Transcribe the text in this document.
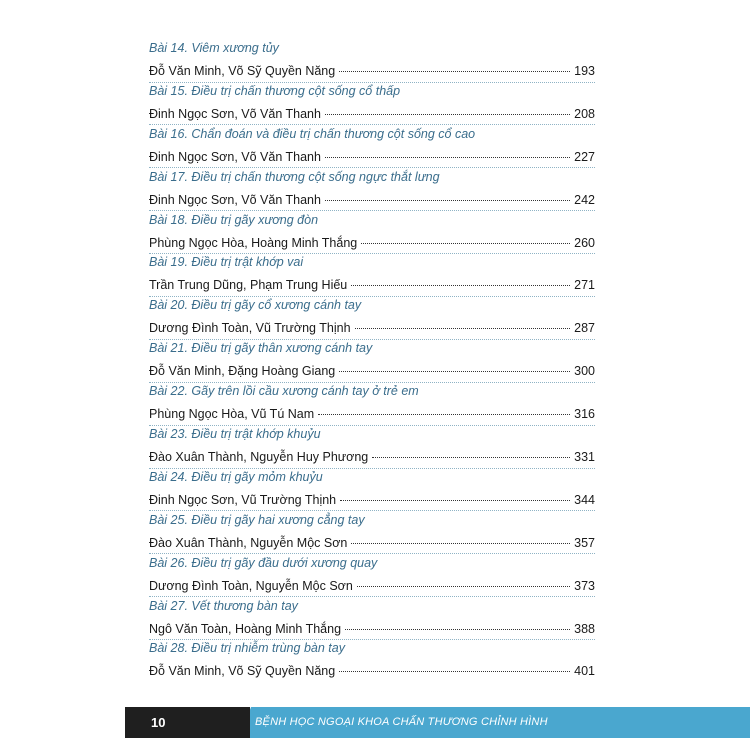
Bài 14. Viêm xương tủy
Đỗ Văn Minh, Võ Sỹ Quyền Năng	193
Bài 15. Điều trị chấn thương cột sống cổ thấp
Đinh Ngọc Sơn, Võ Văn Thanh	208
Bài 16. Chẩn đoán và điều trị chấn thương cột sống cổ cao
Đinh Ngọc Sơn, Võ Văn Thanh	227
Bài 17. Điều trị chấn thương cột sống ngực thắt lưng
Đinh Ngọc Sơn, Võ Văn Thanh	242
Bài 18. Điều trị gãy xương đòn
Phùng Ngọc Hòa, Hoàng Minh Thắng	260
Bài 19. Điều trị trật khớp vai
Trần Trung Dũng, Phạm Trung Hiếu	271
Bài 20. Điều trị gãy cổ xương cánh tay
Dương Đình Toàn, Vũ Trường Thịnh	287
Bài 21. Điều trị gãy thân xương cánh tay
Đỗ Văn Minh, Đặng Hoàng Giang	300
Bài 22. Gãy trên lồi cầu xương cánh tay ở trẻ em
Phùng Ngọc Hòa, Vũ Tú Nam	316
Bài 23. Điều trị trật khớp khuỷu
Đào Xuân Thành, Nguyễn Huy Phương	331
Bài 24. Điều trị gãy mỏm khuỷu
Đinh Ngọc Sơn, Vũ Trường Thịnh	344
Bài 25. Điều trị gãy hai xương cẳng tay
Đào Xuân Thành, Nguyễn Mộc Sơn	357
Bài 26. Điều trị gãy đầu dưới xương quay
Dương Đình Toàn, Nguyễn Mộc Sơn	373
Bài 27. Vết thương bàn tay
Ngô Văn Toàn, Hoàng Minh Thắng	388
Bài 28. Điều trị nhiễm trùng bàn tay
Đỗ Văn Minh, Võ Sỹ Quyền Năng	401
10	BỆNH HỌC NGOẠI KHOA CHẤN THƯƠNG CHỈNH HÌNH
